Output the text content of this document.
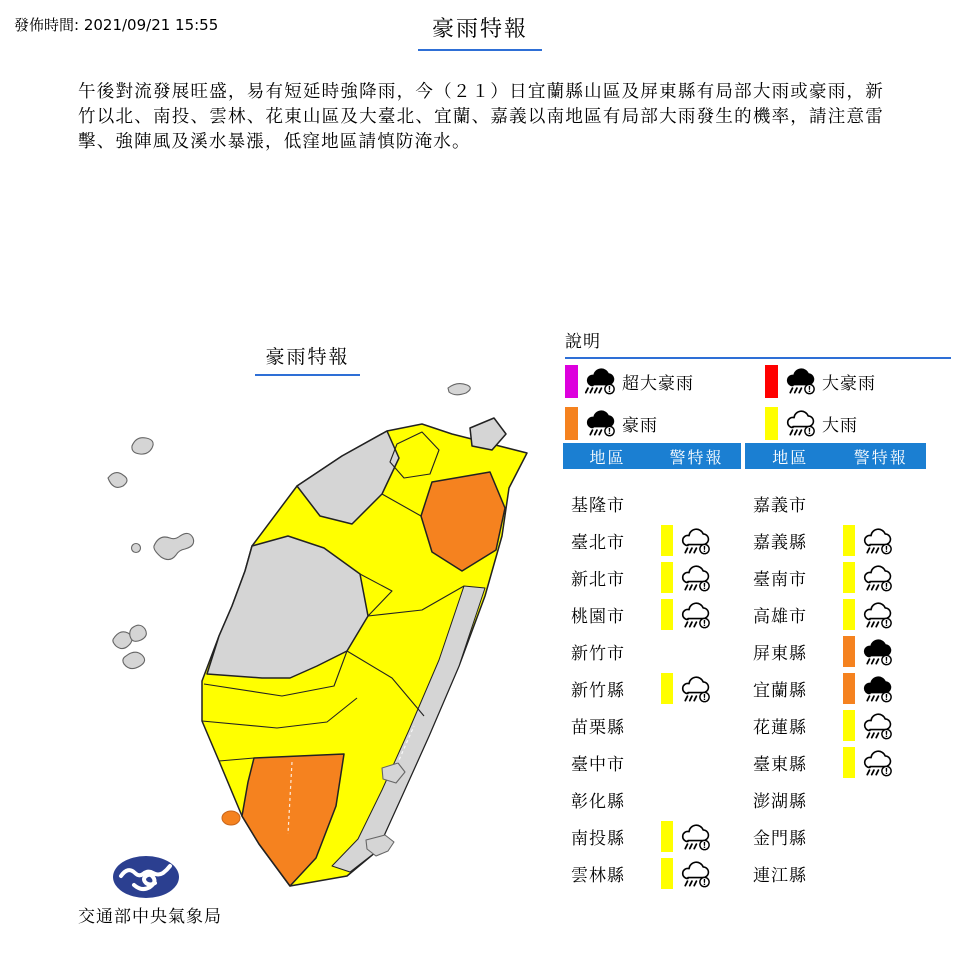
發佈時間: 2021/09/21 15:55	豪雨特報
午後對流發展旺盛，易有短延時強降雨，今（２１）日宜蘭縣山區及屏東縣有局部大雨或豪雨，新竹以北、南投、雲林、花東山區及大臺北、宜蘭、嘉義以南地區有局部大雨發生的機率，請注意雷擊、強陣風及溪水暴漲，低窪地區請慎防淹水。
豪雨特報
交通部中央氣象局
說明
! 超大豪雨	! 大豪雨
! 豪雨	! 大雨
地區	警特報
基隆市
臺北市	!
新北市	!
桃園市	!
新竹市
新竹縣	!
苗栗縣
臺中市
彰化縣
南投縣	!
雲林縣	!
地區	警特報
嘉義市
嘉義縣	!
臺南市	!
高雄市	!
屏東縣	!
宜蘭縣	!
花蓮縣	!
臺東縣	!
澎湖縣
金門縣
連江縣
